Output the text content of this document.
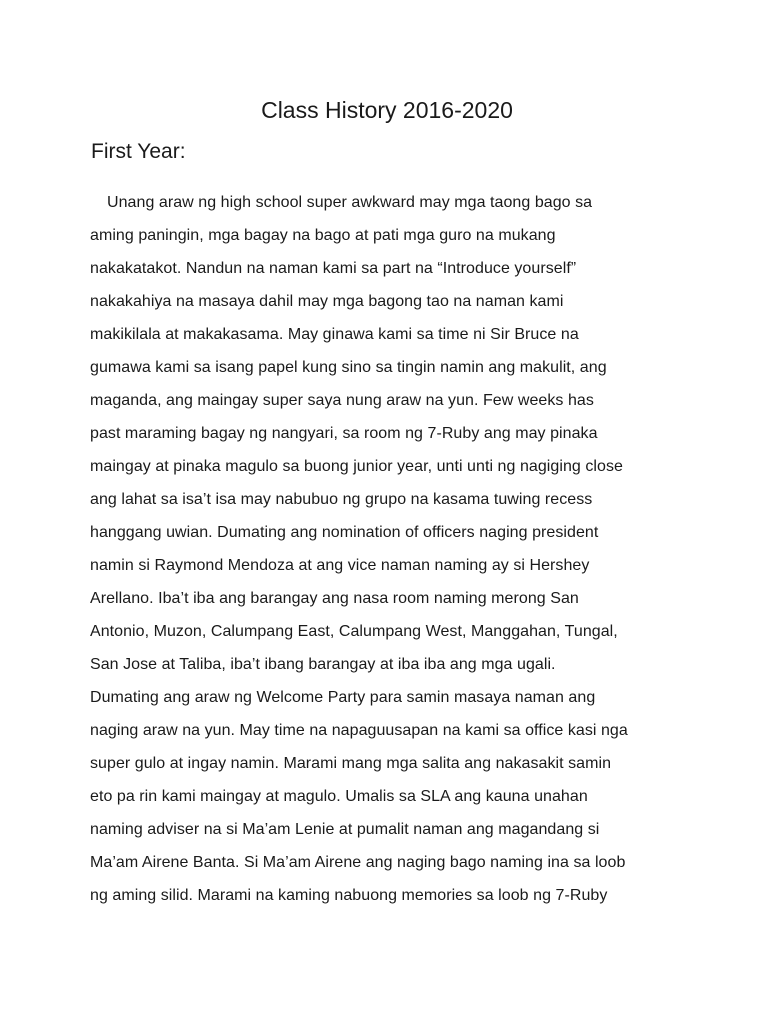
Class History 2016-2020
First Year:
Unang araw ng high school super awkward may mga taong bago sa
aming paningin, mga bagay na bago at pati mga guro na mukang
nakakatakot. Nandun na naman kami sa part na “Introduce yourself”
nakakahiya na masaya dahil may mga bagong tao na naman kami
makikilala at makakasama. May ginawa kami sa time ni Sir Bruce na
gumawa kami sa isang papel kung sino sa tingin namin ang makulit, ang
maganda, ang maingay super saya nung araw na yun. Few weeks has
past maraming bagay ng nangyari, sa room ng 7-Ruby ang may pinaka
maingay at pinaka magulo sa buong junior year, unti unti ng nagiging close
ang lahat sa isa’t isa may nabubuo ng grupo na kasama tuwing recess
hanggang uwian. Dumating ang nomination of officers naging president
namin si Raymond Mendoza at ang vice naman naming ay si Hershey
Arellano. Iba’t iba ang barangay ang nasa room naming merong San
Antonio, Muzon, Calumpang East, Calumpang West, Manggahan, Tungal,
San Jose at Taliba, iba’t ibang barangay at iba iba ang mga ugali.
Dumating ang araw ng Welcome Party para samin masaya naman ang
naging araw na yun. May time na napaguusapan na kami sa office kasi nga
super gulo at ingay namin. Marami mang mga salita ang nakasakit samin
eto pa rin kami maingay at magulo. Umalis sa SLA ang kauna unahan
naming adviser na si Ma’am Lenie at pumalit naman ang magandang si
Ma’am Airene Banta. Si Ma’am Airene ang naging bago naming ina sa loob
ng aming silid. Marami na kaming nabuong memories sa loob ng 7-Ruby
